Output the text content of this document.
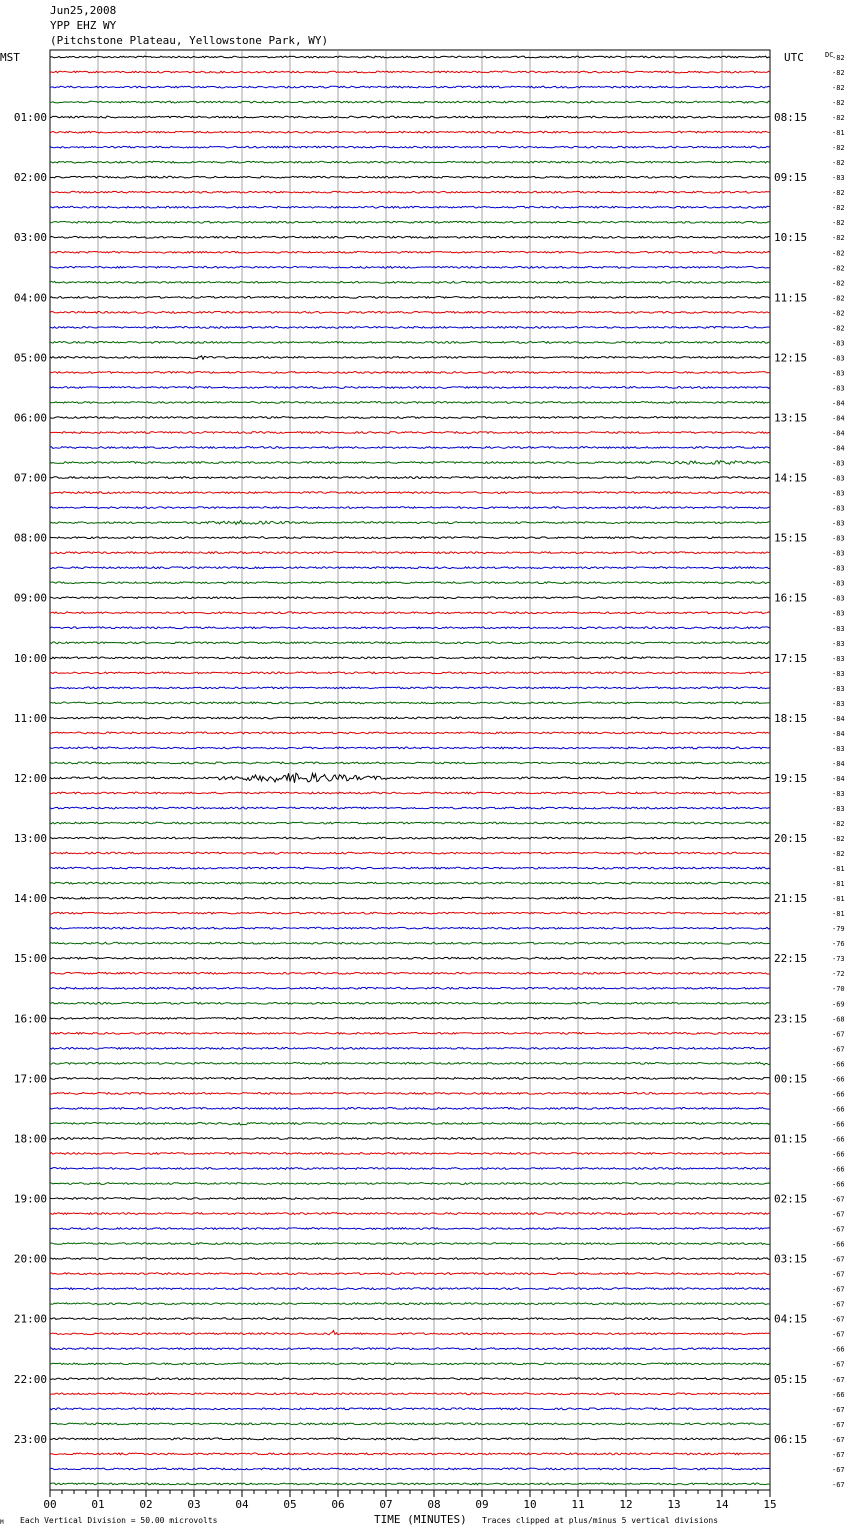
Jun25,2008
YPP EHZ WY
(Pitchstone Plateau, Yellowstone Park, WY)
-82
-82
-82
-82
-82
-81
-82
-82
-83
-82
-82
-82
-82
-82
-82
-82
-82
-82
-82
-83
-83
-83
-83
-84
-84
-84
-84
-83
-83
-83
-83
-83
-83
-83
-83
-83
-83
-83
-83
-83
-83
-83
-83
-83
-84
-84
-83
-84
-84
-83
-83
-82
-82
-82
-81
-81
-81
-81
-79
-76
-73
-72
-70
-69
-68
-67
-67
-66
-66
-66
-66
-66
-66
-66
-66
-66
-67
-67
-67
-66
-67
-67
-67
-67
-67
-67
-66
-67
-67
-66
-67
-67
-67
-67
-67
-67
01:00
02:00
03:00
04:00
05:00
06:00
07:00
08:00
09:00
10:00
11:00
12:00
13:00
14:00
15:00
16:00
17:00
18:00
19:00
20:00
21:00
22:00
23:00
08:15
09:15
10:15
11:15
12:15
13:15
14:15
15:15
16:15
17:15
18:15
19:15
20:15
21:15
22:15
23:15
00:15
01:15
02:15
03:15
04:15
05:15
06:15
00	01	02	03	04	05	06	07	08	09	10	11	12	13	14	15
MST	UTC	DC
M Each Vertical Division = 50.00 microvolts	TIME (MINUTES) Traces clipped at plus/minus 5 vertical divisions
